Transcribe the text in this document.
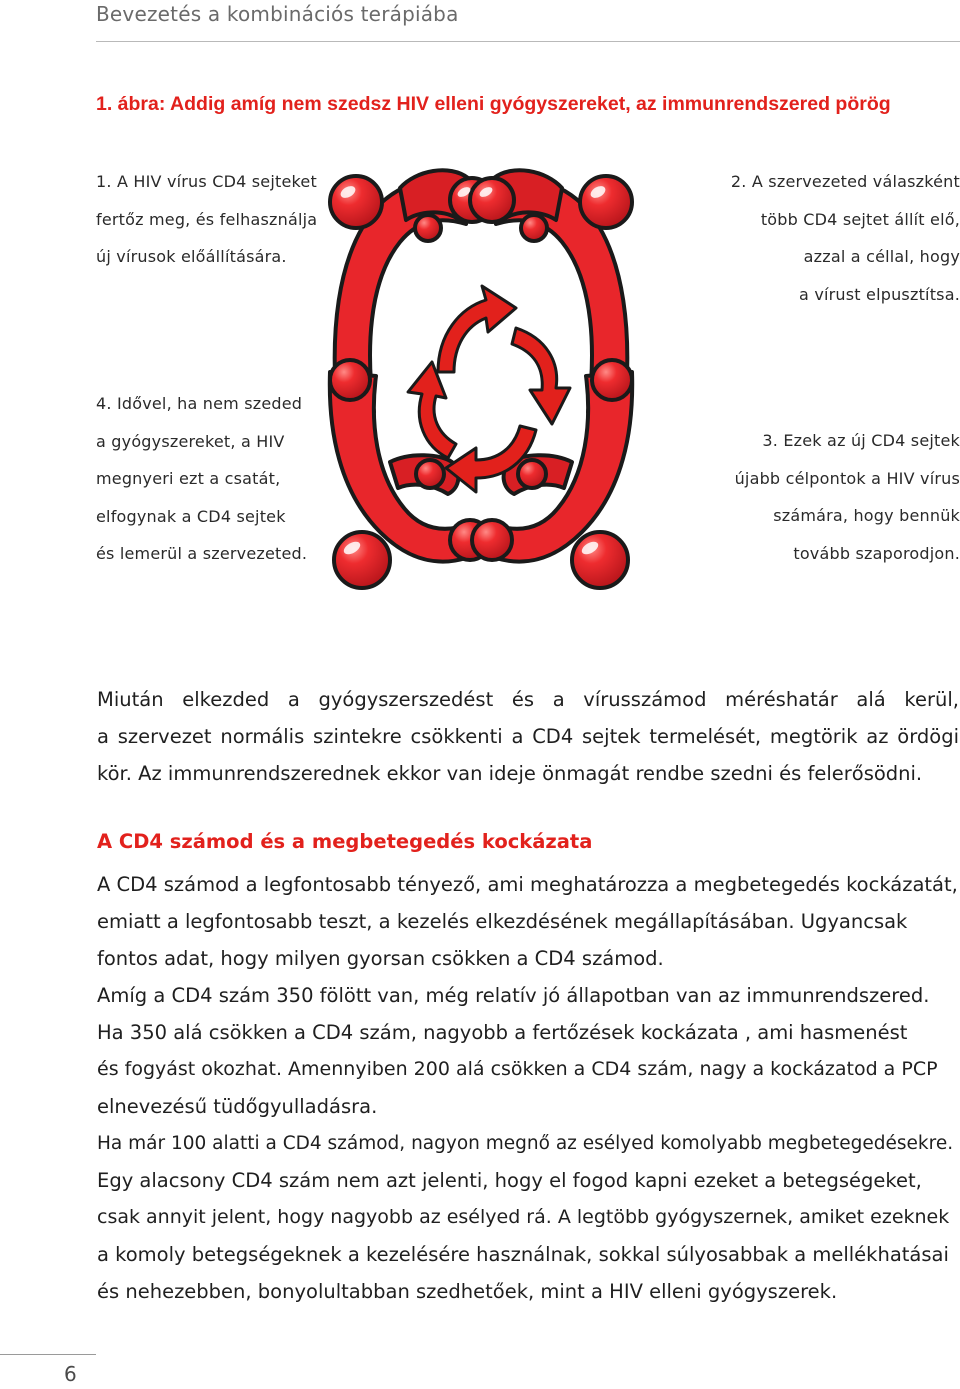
Bevezetés a kombinációs terápiába
1. ábra: Addig amíg nem szedsz HIV elleni gyógyszereket, az immunrendszered pörög
1. A HIV vírus CD4 sejteket
fertőz meg, és felhasználja
új vírusok előállítására.
2. A szervezeted válaszként
több CD4 sejtet állít elő,
azzal a céllal, hogy
a vírust elpusztítsa.
4. Idővel, ha nem szeded
a gyógyszereket, a HIV
megnyeri ezt a csatát,
elfogynak a CD4 sejtek
és lemerül a szervezeted.
3. Ezek az új CD4 sejtek
újabb célpontok a HIV vírus
számára, hogy bennük
tovább szaporodjon.
Miután elkezded a gyógyszerszedést és a vírusszámod méréshatár alá kerül,
a szervezet normális szintekre csökkenti a CD4 sejtek termelését, megtörik az ördögi
kör. Az immunrendszerednek ekkor van ideje önmagát rendbe szedni és felerősödni.
A CD4 számod és a megbetegedés kockázata
A CD4 számod a legfontosabb tényező, ami meghatározza a megbetegedés kockázatát,
emiatt a legfontosabb teszt, a kezelés elkezdésének megállapításában. Ugyancsak
fontos adat, hogy milyen gyorsan csökken a CD4 számod.
Amíg a CD4 szám 350 fölött van, még relatív jó állapotban van az immunrendszered.
Ha 350 alá csökken a CD4 szám, nagyobb a fertőzések kockázata , ami hasmenést
és fogyást okozhat. Amennyiben 200 alá csökken a CD4 szám, nagy a kockázatod a PCP
elnevezésű tüdőgyulladásra.
Ha már 100 alatti a CD4 számod, nagyon megnő az esélyed komolyabb megbetegedésekre.
Egy alacsony CD4 szám nem azt jelenti, hogy el fogod kapni ezeket a betegségeket,
csak annyit jelent, hogy nagyobb az esélyed rá. A legtöbb gyógyszernek, amiket ezeknek
a komoly betegségeknek a kezelésére használnak, sokkal súlyosabbak a mellékhatásai
és nehezebben, bonyolultabban szedhetőek, mint a HIV elleni gyógyszerek.
6
